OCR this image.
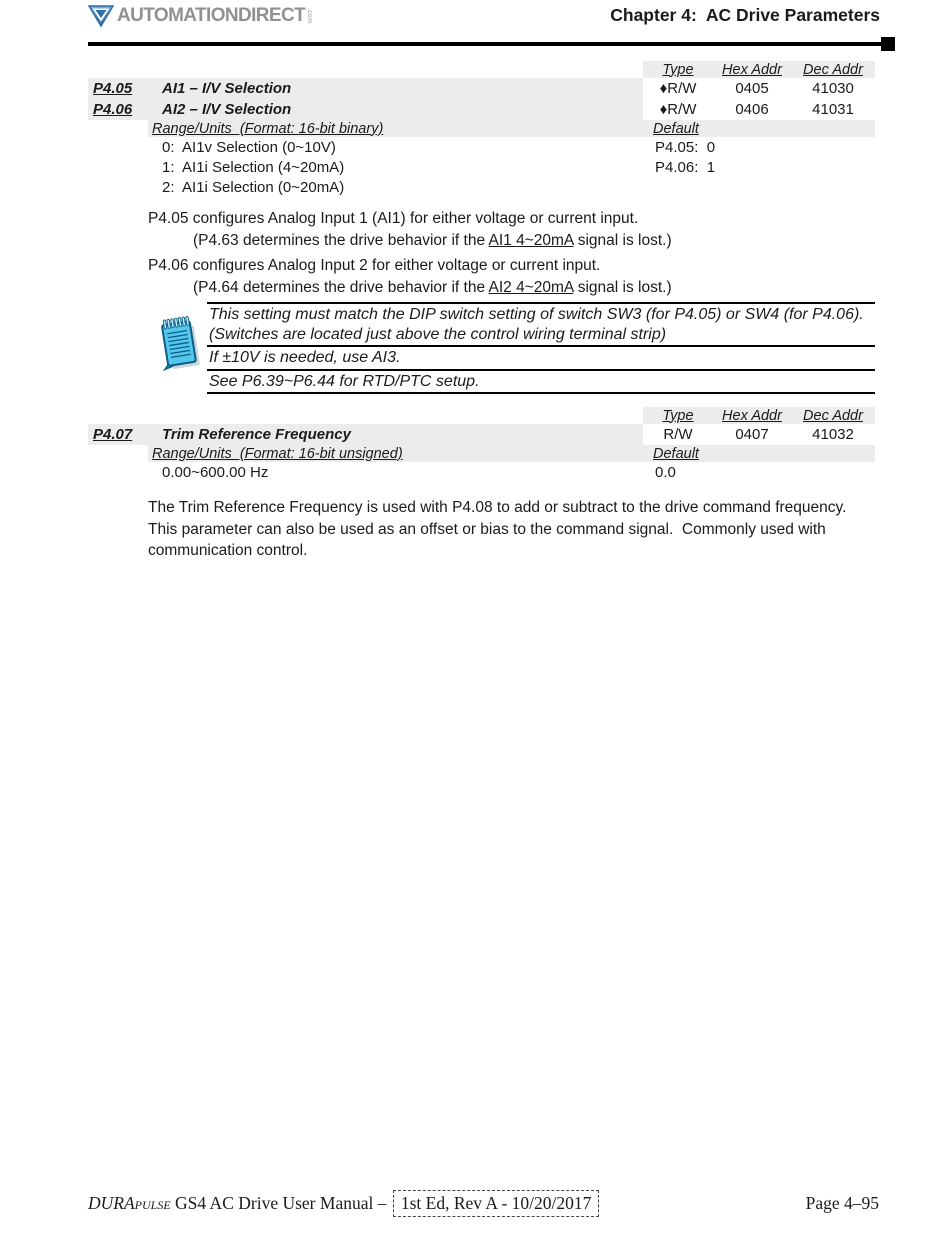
AUTOMATIONDIRECT .com	Chapter 4:  AC Drive Parameters
Type	Hex Addr	Dec Addr
P4.05	AI1 – I/V Selection	♦R/W	0405	41030
P4.06	AI2 – I/V Selection	♦R/W	0406	41031
Range/Units  (Format: 16-bit binary)	Default
0:  AI1v Selection (0~10V)	P4.05:  0
1:  AI1i Selection (4~20mA)	P4.06:  1
2:  AI1i Selection (0~20mA)

P4.05 configures Analog Input 1 (AI1) for either voltage or current input.

(P4.63 determines the drive behavior if the AI1 4~20mA signal is lost.)

P4.06 configures Analog Input 2 for either voltage or current input.

(P4.64 determines the drive behavior if the AI2 4~20mA signal is lost.)

This setting must match the DIP switch setting of switch SW3 (for P4.05) or SW4 (for P4.06). (Switches are located just above the control wiring terminal strip)
If ±10V is needed, use AI3.
See P6.39~P6.44 for RTD/PTC setup.
Type	Hex Addr	Dec Addr
P4.07	Trim Reference Frequency	R/W	0407	41032
Range/Units  (Format: 16-bit unsigned)	Default
0.00~600.00 Hz	0.0
The Trim Reference Frequency is used with P4.08 to add or subtract to the drive command frequency.  This parameter can also be used as an offset or bias to the command signal.  Commonly used with communication control.
DURApulse GS4 AC Drive User Manual – 1st Ed, Rev A - 10/20/2017	Page 4–95
